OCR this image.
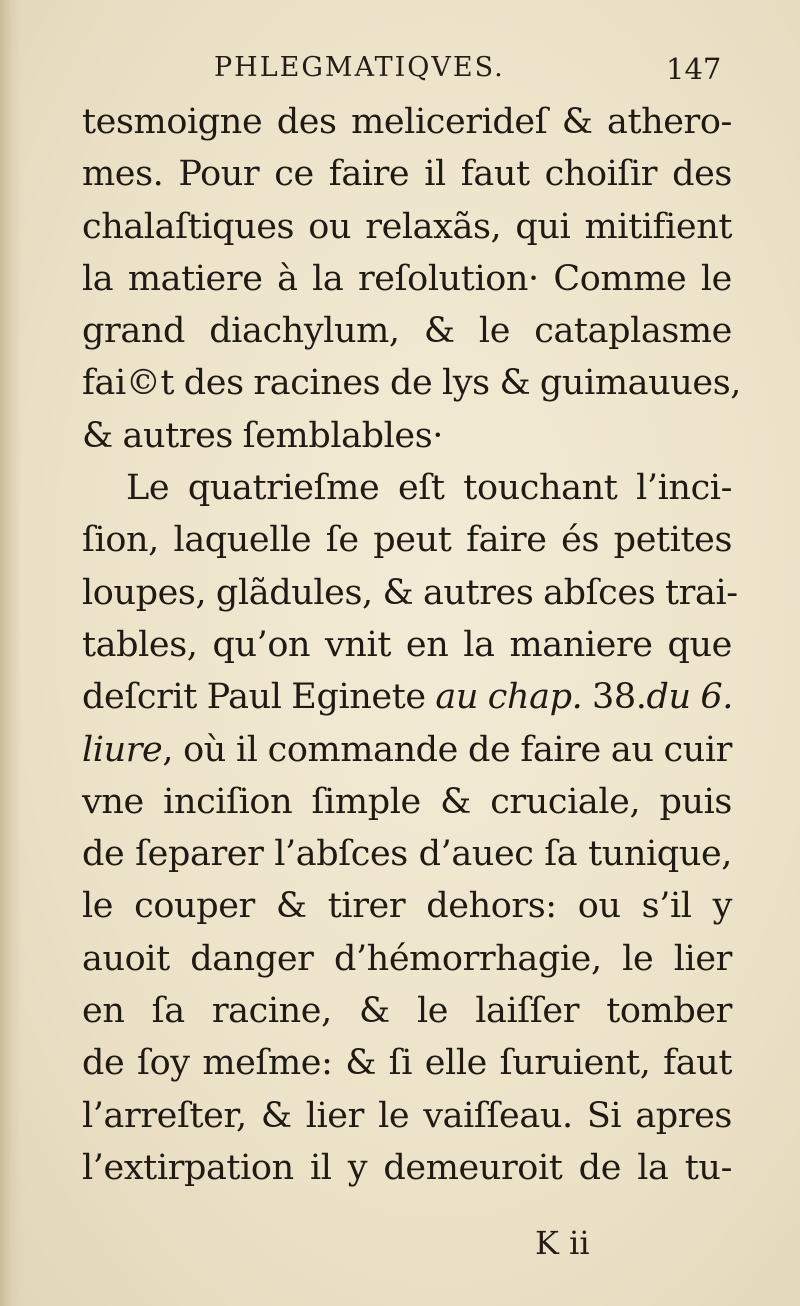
PHLEGMATIQVES.	147
tesmoigne des melicerideſ & athero-
mes. Pour ce faire il faut choiſir des
chalaſtiques ou relaxãs, qui mitifient
la matiere à la reſolution· Comme le
grand diachylum, & le cataplasme
fai©t des racines de lys & guimauues,
& autres ſemblables·
Le quatrieſme eſt touchant l’inci-
ſion, laquelle ſe peut faire és petites
loupes, glãdules, & autres abſces trai-
tables, qu’on vnit en la maniere que
deſcrit Paul Eginete au chap. 38.du 6.
liure, où il commande de faire au cuir
vne inciſion ſimple & cruciale, puis
de ſeparer l’abſces d’auec ſa tunique,
le couper & tirer dehors: ou s’il y
auoit danger d’hémorrhagie, le lier
en ſa racine, & le laiſſer tomber
de ſoy meſme: & ſi elle ſuruient, faut
l’arreſter, & lier le vaiſſeau. Si apres
l’extirpation il y demeuroit de la tu-
K ii
